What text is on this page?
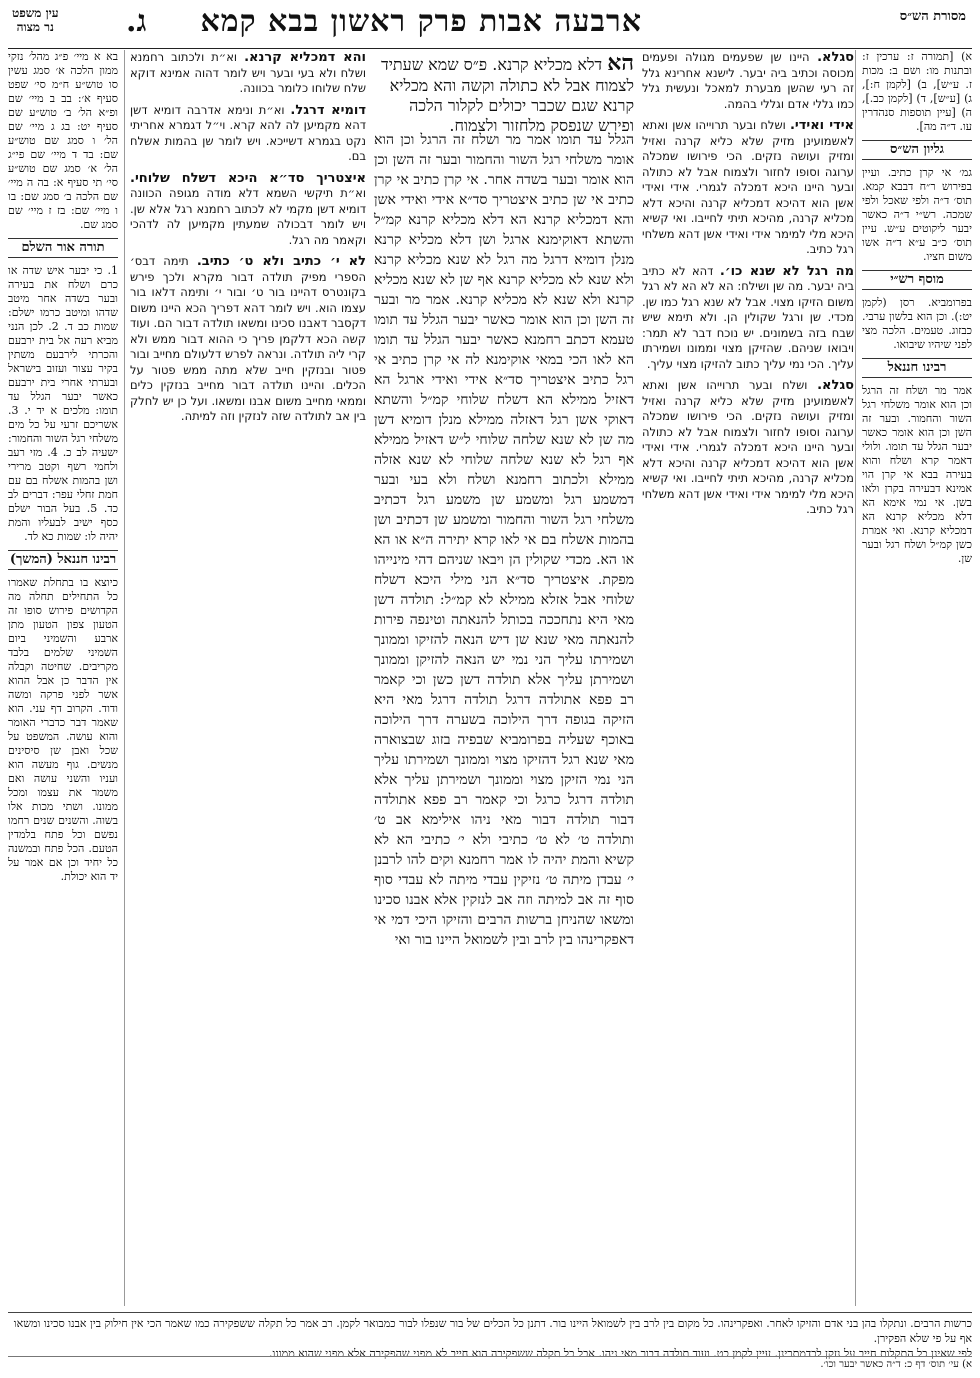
מסורת הש״ס
ארבעה אבות פרק ראשון בבא קמא
ג.
עין משפט
נר מצוה

א) [תמורה ז: ערכין ז: ובתנות מו: ושם ב: מכות ז. ע״ש], ב) [לקמן ח:], ג) [ע״ש], ד) [לקמן כב.], ה) [עיין תוספות סנהדרין עו. ד״ה מה].

גליון הש״ס

גמ׳ אי קרן כתיב. ועיין בפירוש ר״ח דבבא קמא. תוס׳ ד״ה ולפי שאכל ולפי שמכה. רש״י ד״ה כאשר יבער ליקוטים ע״ש. עיין תוס׳ כ״ב ע״א ד״ה אשו משום חציו.

מוסף רש״י

בפרומביא. רסן (לקמן יט:). וכן הוא בלשון ערבי. כבזוג. טעמים. הלכה מצי לפני שיהיו שיבואו.

רבינו חננאל

אמר מר ושלח זה הרגל וכן הוא אומר משלחי רגל השור והחמור. ובער זה השן וכן הוא אומר כאשר יבער הגלל עד תומו. ולולי דאמר קרא ושלח והוא בעירה בבא אי קרן הוי אמינא דבעירה בקרן ולאו בשן. אי נמי אימא הא דלא מכליא קרנא הא דמכליא קרנא. ואי אמרת כשן קמ״ל ושלח רגל ובער שן.

סגלא. היינו שן שפעמים מגולה ופעמים מכוסה וכתיב ביה יבער. לישנא אחרינא גלל זה רעי שהשן מבערת למאכל ונעשית גלל כמו גללי אדם וגללי בהמה.

אידי ואידי. ושלח ובער תרוייהו אשן ואתא לאשמועינן מזיק שלא כליא קרנה ואזיל ומזיק ועושה נזקים. הכי פירושו שמכלה ערוגה וסופו לחזור ולצמוח אבל לא כתולה ובער היינו היכא דמכלה לגמרי. אידי ואידי אשן הוא דהיכא דמכליא קרנה והיכא דלא מכליא קרנה, מהיכא תיתי לחייבו. ואי קשיא היכא מלי למימר אידי ואידי אשן דהא משלחי רגל כתיב.

מה רגל לא שנא כו׳. דהא לא כתיב ביה יבער. מה שן ושילח: הא לא הא לא רגל משום הזיקו מצוי. אבל לא שנא רגל כמו שן. מכדי. שן ורגל שקולין הן. ולא תימא שיש שבח בזה בשמונים. יש נוכח דבר לא תמר: ויבואו שניהם. שהזיקן מצוי וממונו ושמירתו עליך. הכי נמי עליך כתוב להזיקו מצוי עליך.

סגלא. ושלח ובער תרוייהו אשן ואתא לאשמועינן מזיק שלא כליא קרנה ואזיל ומזיק ועושה נזקים. הכי פירושו שמכלה ערוגה וסופו לחזור ולצמוח אבל לא כתולה ובער היינו היכא דמכלה לגמרי. אידי ואידי אשן הוא דהיכא דמכליא קרנה והיכא דלא מכליא קרנה, מהיכא תיתי לחייבו. ואי קשיא היכא מלי למימר אידי ואידי אשן דהא משלחי רגל כתיב.

הא דלא מכליא קרנא. פ״ס שמא שעתיד לצמוח אבל לא כתולה וקשה והא מכליא קרנא שגם שכבר יכולים לקלור הלכה ופירש שנפסק מלחזור ולצמוח.

הגלל עד תומו אמר מר ושלח זה הרגל וכן הוא אומר משלחי רגל השור והחמור ובער זה השן וכן הוא אומר ובער בשדה אחר. אי קרן כתיב אי קרן כתיב אי שן כתיב איצטריך סד״א אידי ואידי אשן והא דמכליא קרנא הא דלא מכליא קרנא קמ״ל והשתא דאוקימנא ארגל ושן דלא מכליא קרנא מנלן דומיא דרגל מה רגל לא שנא מכליא קרנא ולא שנא לא מכליא קרנא אף שן לא שנא מכליא קרנא ולא שנא לא מכליא קרנא. אמר מר ובער זה השן וכן הוא אומר כאשר יבער הגלל עד תומו טעמא דכתב רחמנא כאשר יבער הגלל עד תומו הא לאו הכי במאי אוקימנא לה אי קרן כתיב אי רגל כתיב איצטריך סד״א אידי ואידי ארגל הא דאזיל ממילא הא דשלח שלוחי קמ״ל והשתא דאוקי אשן רגל דאזלה ממילא מנלן דומיא דשן מה שן לא שנא שלחה שלוחי ל״ש דאזיל ממילא אף רגל לא שנא שלחה שלוחי לא שנא אזלה ממילא ולכתוב רחמנא ושלח ולא בעי ובער דמשמע רגל ומשמע שן משמע רגל דכתיב משלחי רגל השור והחמור ומשמע שן דכתיב ושן בהמות אשלח בם אי לאו קרא יתירה ה״א או הא או הא. מכדי שקולין הן ויבאו שניהם דהי מינייהו מפקת. איצטריך סד״א הני מילי היכא דשלח שלוחי אבל אזלא ממילא לא קמ״ל: תולדה דשן מאי היא נתחככה בכותל להנאתה וטינפה פירות להנאתה מאי שנא שן דיש הנאה להזיקו וממונך ושמירתו עליך הני נמי יש הנאה להזיקן וממונך ושמירתן עליך אלא תולדה דשן כשן וכי קאמר רב פפא אתולדה דרגל תולדה דרגל מאי היא הזיקה בגופה דרך הילוכה בשערה דרך הילוכה באוכף שעליה בפרומביא שבפיה בזוג שבצוארה מאי שנא רגל דהזיקו מצוי וממונך ושמירתו עליך הני נמי הזיקן מצוי וממונך ושמירתן עליך אלא תולדה דרגל כרגל וכי קאמר רב פפא אתולדה דבור תולדה דבור מאי ניהו אילימא אב ט׳ ותולדה ט׳ לא ט׳ כתיבי ולא י׳ כתיבי הא לא קשיא והמת יהיה לו אמר רחמנא וקים להו לרבנן י׳ עבדן מיתה ט׳ נזיקין עבדי מיתה לא עבדי סוף סוף זה אב למיתה וזה אב לנזקין אלא אבנו סכינו ומשאו שהניחן ברשות הרבים והזיקו היכי דמי אי דאפקרינהו בין לרב ובין לשמואל היינו בור ואי

והא דמכליא קרנא. וא״ת ולכתוב רחמנא ושלח ולא בעי ובער ויש לומר דהוה אמינא דוקא שלח שלוחו כלומר בכוונה.

דומיא דרגל. וא״ת ונימא אדרבה דומיא דשן דהא מקמיען לה להא קרא. וי״ל דגמרא אחריתי נקט בגמרא דשייכא. ויש לומר שן בהמות אשלח בם.

איצטריך סד״א היכא דשלח שלוחי. וא״ת תיקשי השמא דלא מודה מגופה הכוונה דומיא דשן מקמי לא לכתוב רחמנא רגל אלא שן. ויש לומר דבכולה שמעתין מקמיען לה לדהכי וקאמר מה רגל.

לא י׳ כתיב ולא ט׳ כתיב. תימה דבס׳ הספרי מפיק תולדה דבור מקרא ולכך פירש בקונטרס דהיינו בור ט׳ ובור י׳ ותימה דלאו בור עצמו הוא. ויש לומר דהא דפריך הכא היינו משום דקסבר דאבנו סכינו ומשאו תולדה דבור הם. ועוד קשה הכא דלקמן פריך כי ההוא דבור ממש ולא קרי ליה תולדה. ונראה לפרש דלעולם מחייב ובור פטור ובנזקין חייב שלא מתה ממש פטור על הכלים. והיינו תולדה דבור מחייב בנזקין כלים וממאי מחייב משום אבנו ומשאו. ועל כן יש לחלק בין אב לתולדה שזה לנזקין וזה למיתה.

בא א מיי׳ פ״ג מהל׳ נזקי ממון הלכה א׳ סמג עשין סו טוש״ע ח״מ סי׳ שפט סעיף א׳: בב ב מיי׳ שם ופ״א הל׳ ב׳ טוש״ע שם סעיף יט: בג ג מיי׳ שם הל׳ ו סמג שם טוש״ע שם: בד ד מיי׳ שם פי״ג הל׳ א׳ סמג שם טוש״ע סי׳ תי סעיף א: בה ה מיי׳ שם הלכה ב׳ סמג שם: בו ו מיי׳ שם: בז ז מיי׳ שם סמג שם.

תורה אור השלם

1. כי יבער איש שדה או כרם ושלח את בעירה ובער בשדה אחר מיטב שדהו ומיטב כרמו ישלם: שמות כב ד. 2. לכן הנני מביא רעה אל בית ירבעם והכרתי לירבעם משתין בקיר עצור ועזוב בישראל ובערתי אחרי בית ירבעם כאשר יבער הגלל עד תומו: מלכים א יד י. 3. אשריכם זרעי על כל מים משלחי רגל השור והחמור: ישעיה לב כ. 4. מזי רעב ולחמי רשף וקטב מרירי ושן בהמות אשלח בם עם חמת זחלי עפר: דברים לב כד. 5. בעל הבור ישלם כסף ישיב לבעליו והמת יהיה לו: שמות כא לד.

רבינו חננאל (המשך)

כיוצא בו בתחלת שאמרו כל התחילים תחלה מה הקדושים פירוש סופו זה הטעון צפון הטעון מתן ארבע והשמיני ביום השמיני שלמים בלבד מקריבים. שחיטה וקבלה אין הדבר כן אבל ההוא אשר לפני פרקה ומשה ודוד. הקרוב דף עני. הוא שאמר דבר כדברי האומר והוא עושה. המשפט על שכל ואבן שן סיסינים מנשים. גוף מעשה הוא ועניו והשני עושה ואם משמר את עצמו ומכל ממונו. ושתי מכות אלו בשוה. והשנים שנים רחמו נפשם וכל פתח בלמדין הטעם. הכל פתח ובמשנה כל יחיד וכן אם אמר על יד הוא יכולת.

כרשות הרבים. ונתקלו בהן בני אדם והזיקו לאחר. ואפקרינהו. כל מקום בין לרב בין לשמואל היינו בור. דתנן כל הכלים של בור שנפלו לבור כמבואר לקמן. רב אמר כל תקלה ששפקירה כמו שאמר הכי אין חילוק בין אבנו סכינו ומשאו אף על פי שלא הפקירן.
לפי שאינן כל התקלות חייב על נזקן לכדמתרינן. עיין לקמן כט. ועוד תולדה דבור מאי ניהו. אבל כל תקלה ששפקירה הוא חייב לא מפני שהפקירה אלא מפני שהוא ממונו.
א) עי׳ תוס׳ דף כ: ד״ה כאשר יבער וכו׳.
